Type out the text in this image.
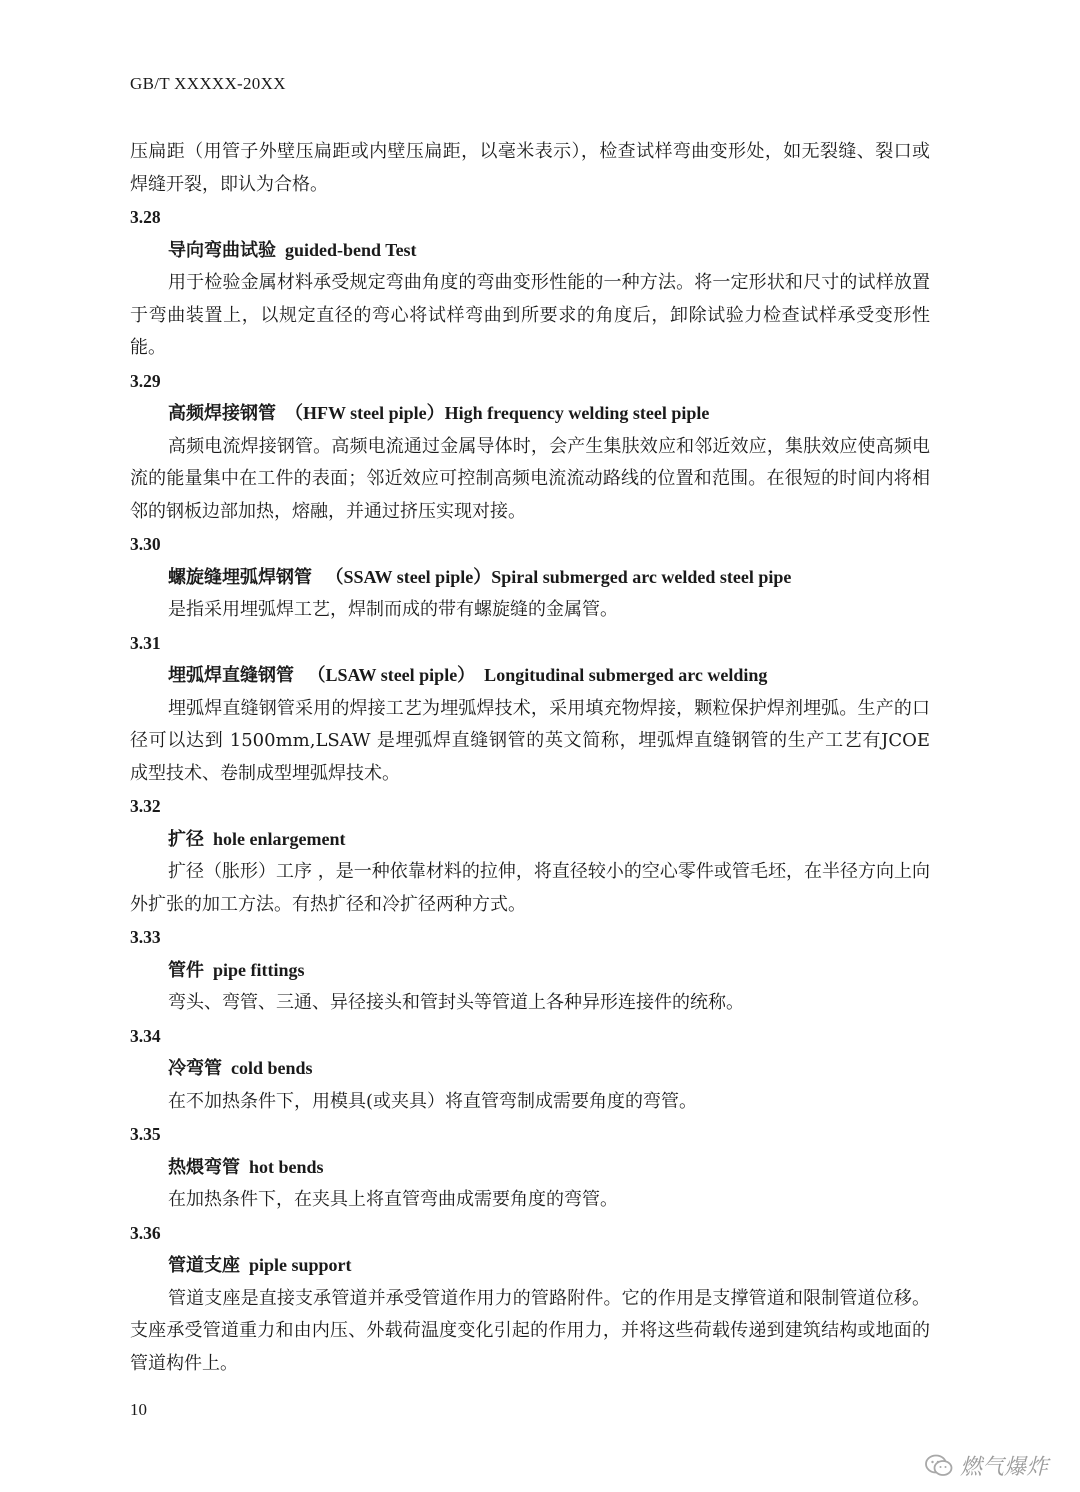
GB/T XXXXX-20XX

压扁距（用管子外壁压扁距或内壁压扁距，以毫米表示），检查试样弯曲变形处，如无裂缝、裂口或焊缝开裂，即认为合格。

3.28

导向弯曲试验  guided-bend Test

用于检验金属材料承受规定弯曲角度的弯曲变形性能的一种方法。将一定形状和尺寸的试样放置于弯曲装置上，以规定直径的弯心将试样弯曲到所要求的角度后，卸除试验力检查试样承受变形性能。

3.29

高频焊接钢管  （HFW steel piple）High frequency welding steel piple

高频电流焊接钢管。高频电流通过金属导体时，会产生集肤效应和邻近效应，集肤效应使高频电流的能量集中在工件的表面；邻近效应可控制高频电流流动路线的位置和范围。在很短的时间内将相邻的钢板边部加热，熔融，并通过挤压实现对接。

3.30

螺旋缝埋弧焊钢管   （SSAW steel piple）Spiral submerged arc welded steel pipe

是指采用埋弧焊工艺，焊制而成的带有螺旋缝的金属管。

3.31

埋弧焊直缝钢管   （LSAW steel piple）  Longitudinal submerged arc welding

埋弧焊直缝钢管采用的焊接工艺为埋弧焊技术，采用填充物焊接，颗粒保护焊剂埋弧。生产的口径可以达到 1500mm,LSAW 是埋弧焊直缝钢管的英文简称，埋弧焊直缝钢管的生产工艺有JCOE 成型技术、卷制成型埋弧焊技术。

3.32

扩径  hole enlargement

扩径（胀形）工序 ，是一种依靠材料的拉伸，将直径较小的空心零件或管毛坯，在半径方向上向外扩张的加工方法。有热扩径和冷扩径两种方式。

3.33

管件  pipe fittings

弯头、弯管、三通、异径接头和管封头等管道上各种异形连接件的统称。

3.34

冷弯管  cold bends

在不加热条件下，用模具(或夹具）将直管弯制成需要角度的弯管。

3.35

热煨弯管  hot bends

在加热条件下，在夹具上将直管弯曲成需要角度的弯管。

3.36

管道支座  piple support

管道支座是直接支承管道并承受管道作用力的管路附件。它的作用是支撑管道和限制管道位移。支座承受管道重力和由内压、外载荷温度变化引起的作用力，并将这些荷载传递到建筑结构或地面的管道构件上。

10
燃气爆炸
